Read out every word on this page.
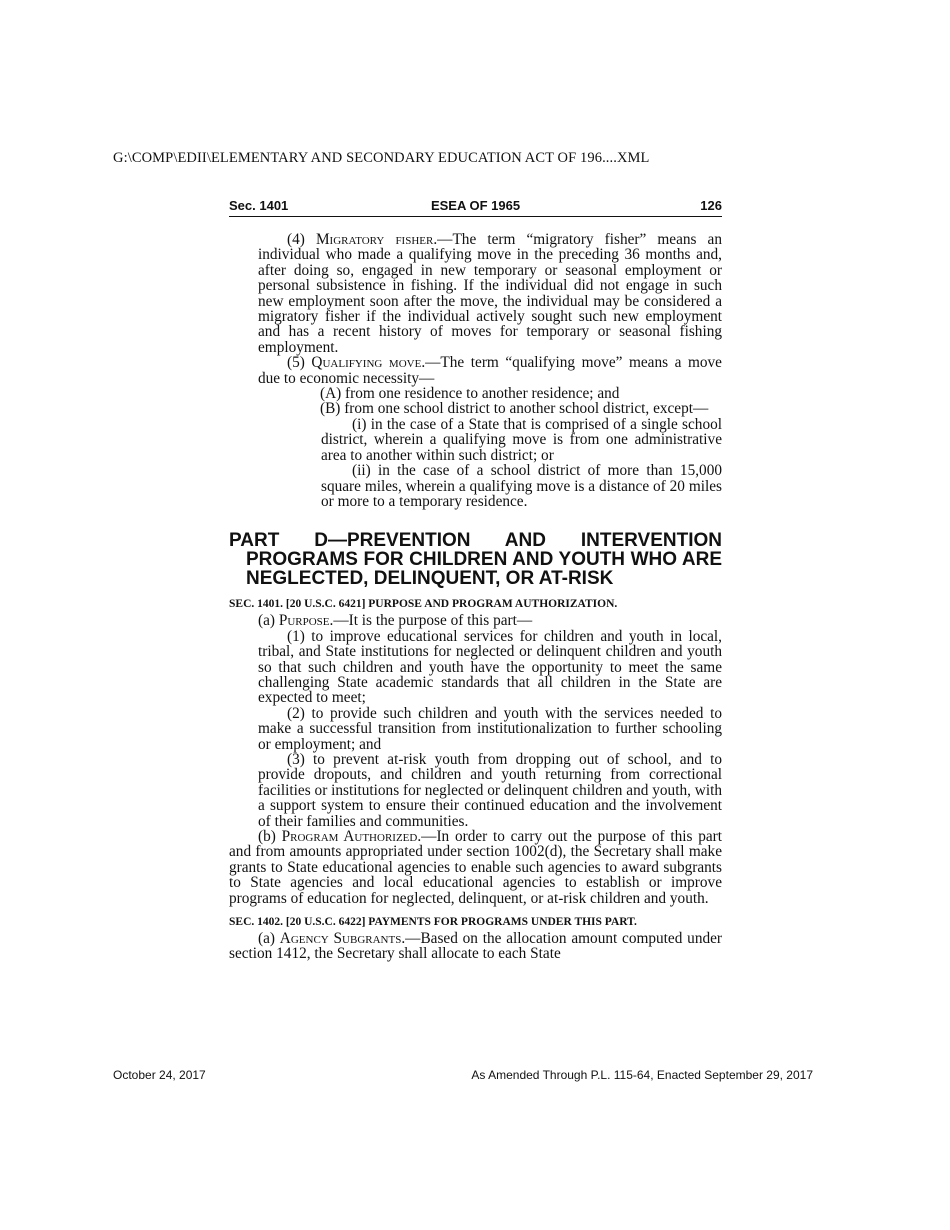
G:\COMP\EDII\ELEMENTARY AND SECONDARY EDUCATION ACT OF 196....XML
Sec. 1401	ESEA OF 1965	126

(4) Migratory fisher.—The term “migratory fisher” means an individual who made a qualifying move in the preceding 36 months and, after doing so, engaged in new temporary or seasonal employment or personal subsistence in fishing. If the individual did not engage in such new employment soon after the move, the individual may be considered a migratory fisher if the individual actively sought such new employment and has a recent history of moves for temporary or seasonal fishing employment.

(5) Qualifying move.—The term “qualifying move” means a move due to economic necessity—

(A) from one residence to another residence; and

(B) from one school district to another school district, except—

(i) in the case of a State that is comprised of a single school district, wherein a qualifying move is from one administrative area to another within such district; or

(ii) in the case of a school district of more than 15,000 square miles, wherein a qualifying move is a distance of 20 miles or more to a temporary residence.

PART D—PREVENTION AND INTERVENTION PROGRAMS FOR CHILDREN AND YOUTH WHO ARE NEGLECTED, DELINQUENT, OR AT-RISK
SEC. 1401. [20 U.S.C. 6421] PURPOSE AND PROGRAM AUTHORIZATION.

(a) Purpose.—It is the purpose of this part—

(1) to improve educational services for children and youth in local, tribal, and State institutions for neglected or delinquent children and youth so that such children and youth have the opportunity to meet the same challenging State academic standards that all children in the State are expected to meet;

(2) to provide such children and youth with the services needed to make a successful transition from institutionalization to further schooling or employment; and

(3) to prevent at-risk youth from dropping out of school, and to provide dropouts, and children and youth returning from correctional facilities or institutions for neglected or delinquent children and youth, with a support system to ensure their continued education and the involvement of their families and communities.

(b) Program Authorized.—In order to carry out the purpose of this part and from amounts appropriated under section 1002(d), the Secretary shall make grants to State educational agencies to enable such agencies to award subgrants to State agencies and local educational agencies to establish or improve programs of education for neglected, delinquent, or at-risk children and youth.

SEC. 1402. [20 U.S.C. 6422] PAYMENTS FOR PROGRAMS UNDER THIS PART.

(a) Agency Subgrants.—Based on the allocation amount computed under section 1412, the Secretary shall allocate to each State

October 24, 2017	As Amended Through P.L. 115-64, Enacted September 29, 2017
